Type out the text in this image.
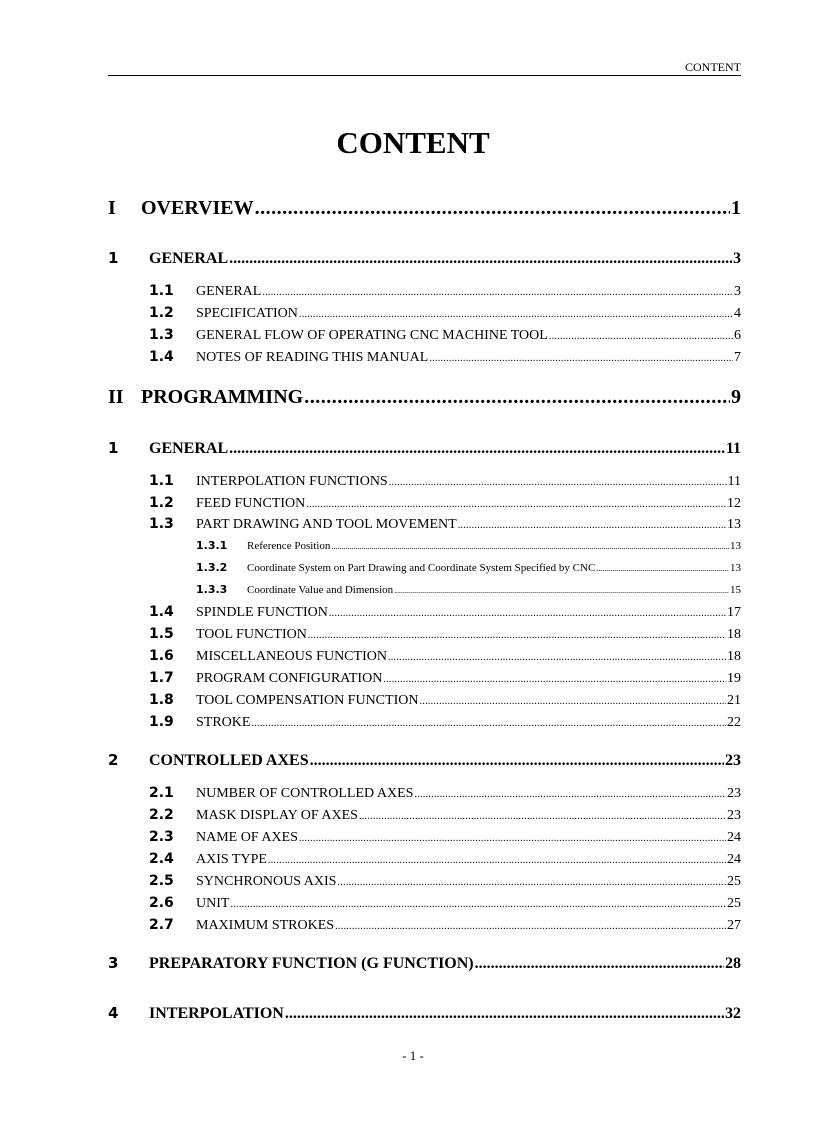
CONTENT
CONTENT
I	OVERVIEW .....	1
1	GENERAL .....	3
1.1	GENERAL .....	3
1.2	SPECIFICATION .....	4
1.3	GENERAL FLOW OF OPERATING CNC MACHINE TOOL .....	6
1.4	NOTES OF READING THIS MANUAL .....	7
II PROGRAMMING .....	9
1	GENERAL .....	11
1.1	INTERPOLATION FUNCTIONS .....	11
1.2	FEED FUNCTION .....	12
1.3	PART DRAWING AND TOOL MOVEMENT .....	13
1.3.1	Reference Position .....	13
1.3.2	Coordinate System on Part Drawing and Coordinate System Specified by CNC .....	13
1.3.3	Coordinate Value and Dimension .....	15
1.4	SPINDLE FUNCTION .....	17
1.5	TOOL FUNCTION .....	18
1.6	MISCELLANEOUS FUNCTION .....	18
1.7	PROGRAM CONFIGURATION .....	19
1.8	TOOL COMPENSATION FUNCTION .....	21
1.9	STROKE .....	22
2	CONTROLLED AXES .....	23
2.1	NUMBER OF CONTROLLED AXES .....	23
2.2	MASK DISPLAY OF AXES .....	23
2.3	NAME OF AXES .....	24
2.4	AXIS TYPE .....	24
2.5	SYNCHRONOUS AXIS .....	25
2.6	UNIT .....	25
2.7	MAXIMUM STROKES .....	27
3	PREPARATORY FUNCTION (G FUNCTION) .....	28
4	INTERPOLATION .....	32
- 1 -
